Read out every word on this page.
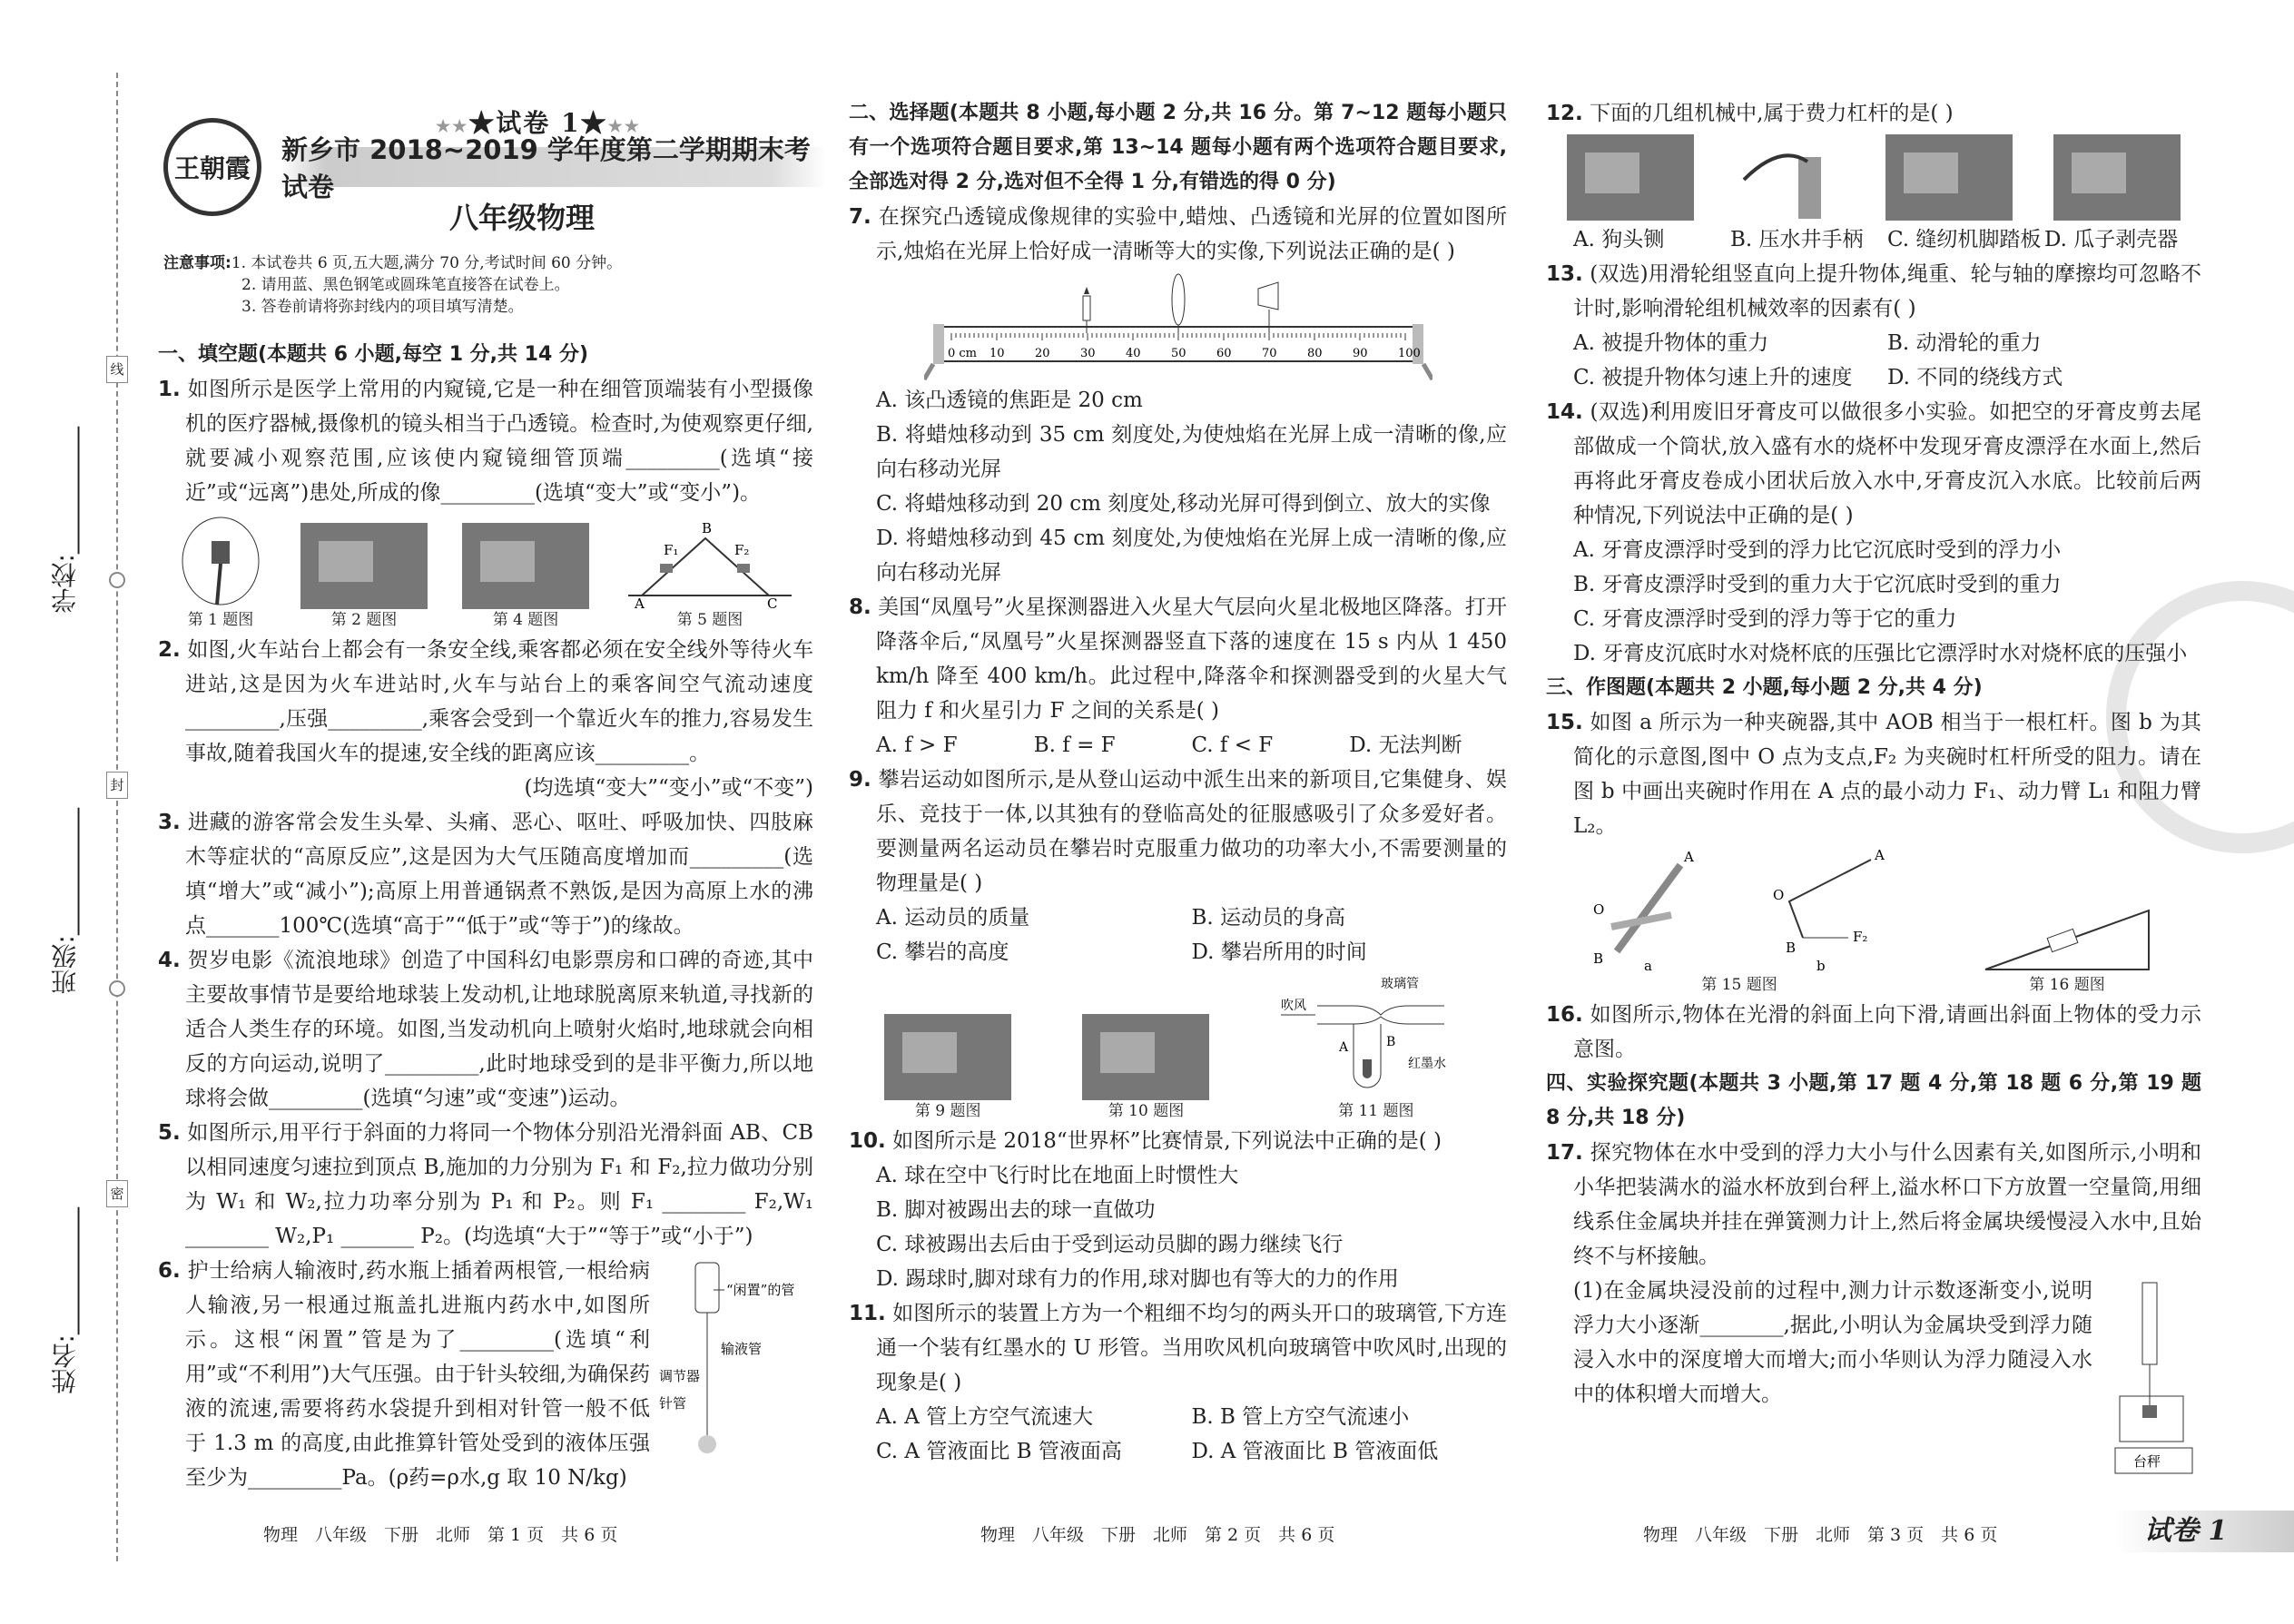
学校:__________
班级:__________
姓名:__________
线
封
密
王朝霞
★★★试卷 1★★★
新乡市 2018~2019 学年度第二学期期末考试卷
八年级物理
注意事项:1. 本试卷共 6 页,五大题,满分 70 分,考试时间 60 分钟。
2. 请用蓝、黑色钢笔或圆珠笔直接答在试卷上。
3. 答卷前请将弥封线内的项目填写清楚。
一、填空题(本题共 6 小题,每空 1 分,共 14 分)
1. 如图所示是医学上常用的内窥镜,它是一种在细管顶端装有小型摄像机的医疗器械,摄像机的镜头相当于凸透镜。检查时,为使观察更仔细,就要减小观察范围,应该使内窥镜细管顶端_________(选填“接近”或“远离”)患处,所成的像_________(选填“变大”或“变小”)。
第 1 题图	第 2 题图	第 4 题图
A
B
C
F₁	F₂
第 5 题图
2. 如图,火车站台上都会有一条安全线,乘客都必须在安全线外等待火车进站,这是因为火车进站时,火车与站台上的乘客间空气流动速度_________,压强_________,乘客会受到一个靠近火车的推力,容易发生事故,随着我国火车的提速,安全线的距离应该_________。
(均选填“变大”“变小”或“不变”)
3. 进藏的游客常会发生头晕、头痛、恶心、呕吐、呼吸加快、四肢麻木等症状的“高原反应”,这是因为大气压随高度增加而_________(选填“增大”或“减小”);高原上用普通锅煮不熟饭,是因为高原上水的沸点_______100℃(选填“高于”“低于”或“等于”)的缘故。
4. 贺岁电影《流浪地球》创造了中国科幻电影票房和口碑的奇迹,其中主要故事情节是要给地球装上发动机,让地球脱离原来轨道,寻找新的适合人类生存的环境。如图,当发动机向上喷射火焰时,地球就会向相反的方向运动,说明了_________,此时地球受到的是非平衡力,所以地球将会做_________(选填“匀速”或“变速”)运动。
5. 如图所示,用平行于斜面的力将同一个物体分别沿光滑斜面 AB、CB 以相同速度匀速拉到顶点 B,施加的力分别为 F₁ 和 F₂,拉力做功分别为 W₁ 和 W₂,拉力功率分别为 P₁ 和 P₂。则 F₁ ________ F₂,W₁ ________ W₂,P₁ _______ P₂。(均选填“大于”“等于”或“小于”)
“闲置”的管
输液管
调节器
针管
6. 护士给病人输液时,药水瓶上插着两根管,一根给病人输液,另一根通过瓶盖扎进瓶内药水中,如图所示。这根“闲置”管是为了_________(选填“利用”或“不利用”)大气压强。由于针头较细,为确保药液的流速,需要将药水袋提升到相对针管一般不低于 1.3 m 的高度,由此推算针管处受到的液体压强至少为_________Pa。(ρ药=ρ水,g 取 10 N/kg)
二、选择题(本题共 8 小题,每小题 2 分,共 16 分。第 7~12 题每小题只有一个选项符合题目要求,第 13~14 题每小题有两个选项符合题目要求,全部选对得 2 分,选对但不全得 1 分,有错选的得 0 分)
7. 在探究凸透镜成像规律的实验中,蜡烛、凸透镜和光屏的位置如图所示,烛焰在光屏上恰好成一清晰等大的实像,下列说法正确的是( )
0 cm 10	20	30	40	50	60	70	80	90	100
A. 该凸透镜的焦距是 20 cm
B. 将蜡烛移动到 35 cm 刻度处,为使烛焰在光屏上成一清晰的像,应向右移动光屏
C. 将蜡烛移动到 20 cm 刻度处,移动光屏可得到倒立、放大的实像
D. 将蜡烛移动到 45 cm 刻度处,为使烛焰在光屏上成一清晰的像,应向右移动光屏
8. 美国“凤凰号”火星探测器进入火星大气层向火星北极地区降落。打开降落伞后,“凤凰号”火星探测器竖直下落的速度在 15 s 内从 1 450 km/h 降至 400 km/h。此过程中,降落伞和探测器受到的火星大气阻力 f 和火星引力 F 之间的关系是( )
A. f > F	B. f = F	C. f < F	D. 无法判断
9. 攀岩运动如图所示,是从登山运动中派生出来的新项目,它集健身、娱乐、竞技于一体,以其独有的登临高处的征服感吸引了众多爱好者。要测量两名运动员在攀岩时克服重力做功的功率大小,不需要测量的物理量是( )
A. 运动员的质量	B. 运动员的身高
C. 攀岩的高度	D. 攀岩所用的时间
第 9 题图	第 10 题图
玻璃管
吹风
A	B
红墨水
第 11 题图
10. 如图所示是 2018“世界杯”比赛情景,下列说法中正确的是( )
A. 球在空中飞行时比在地面上时惯性大
B. 脚对被踢出去的球一直做功
C. 球被踢出去后由于受到运动员脚的踢力继续飞行
D. 踢球时,脚对球有力的作用,球对脚也有等大的力的作用
11. 如图所示的装置上方为一个粗细不均匀的两头开口的玻璃管,下方连通一个装有红墨水的 U 形管。当用吹风机向玻璃管中吹风时,出现的现象是( )
A. A 管上方空气流速大	B. B 管上方空气流速小
C. A 管液面比 B 管液面高	D. A 管液面比 B 管液面低
12. 下面的几组机械中,属于费力杠杆的是( )
A. 狗头铡	B. 压水井手柄	C. 缝纫机脚踏板 D. 瓜子剥壳器
13. (双选)用滑轮组竖直向上提升物体,绳重、轮与轴的摩擦均可忽略不计时,影响滑轮组机械效率的因素有( )
A. 被提升物体的重力	B. 动滑轮的重力
C. 被提升物体匀速上升的速度	D. 不同的绕线方式
14. (双选)利用废旧牙膏皮可以做很多小实验。如把空的牙膏皮剪去尾部做成一个筒状,放入盛有水的烧杯中发现牙膏皮漂浮在水面上,然后再将此牙膏皮卷成小团状后放入水中,牙膏皮沉入水底。比较前后两种情况,下列说法中正确的是( )
A. 牙膏皮漂浮时受到的浮力比它沉底时受到的浮力小
B. 牙膏皮漂浮时受到的重力大于它沉底时受到的重力
C. 牙膏皮漂浮时受到的浮力等于它的重力
D. 牙膏皮沉底时水对烧杯底的压强比它漂浮时水对烧杯底的压强小
三、作图题(本题共 2 小题,每小题 2 分,共 4 分)
15. 如图 a 所示为一种夹碗器,其中 AOB 相当于一根杠杆。图 b 为其简化的示意图,图中 O 点为支点,F₂ 为夹碗时杠杆所受的阻力。请在图 b 中画出夹碗时作用在 A 点的最小动力 F₁、动力臂 L₁ 和阻力臂 L₂。
A
O
B	a
A
O
B
F₂
b
第 15 题图	第 16 题图
16. 如图所示,物体在光滑的斜面上向下滑,请画出斜面上物体的受力示意图。
四、实验探究题(本题共 3 小题,第 17 题 4 分,第 18 题 6 分,第 19 题 8 分,共 18 分)
17. 探究物体在水中受到的浮力大小与什么因素有关,如图所示,小明和小华把装满水的溢水杯放到台秤上,溢水杯口下方放置一空量筒,用细线系住金属块并挂在弹簧测力计上,然后将金属块缓慢浸入水中,且始终不与杯接触。
台秤
(1)在金属块浸没前的过程中,测力计示数逐渐变小,说明浮力大小逐渐________,据此,小明认为金属块受到浮力随浸入水中的深度增大而增大;而小华则认为浮力随浸入水中的体积增大而增大。
物理　八年级　下册　北师　第 1 页　共 6 页	物理　八年级　下册　北师　第 2 页　共 6 页	物理　八年级　下册　北师　第 3 页　共 6 页	试卷 1
